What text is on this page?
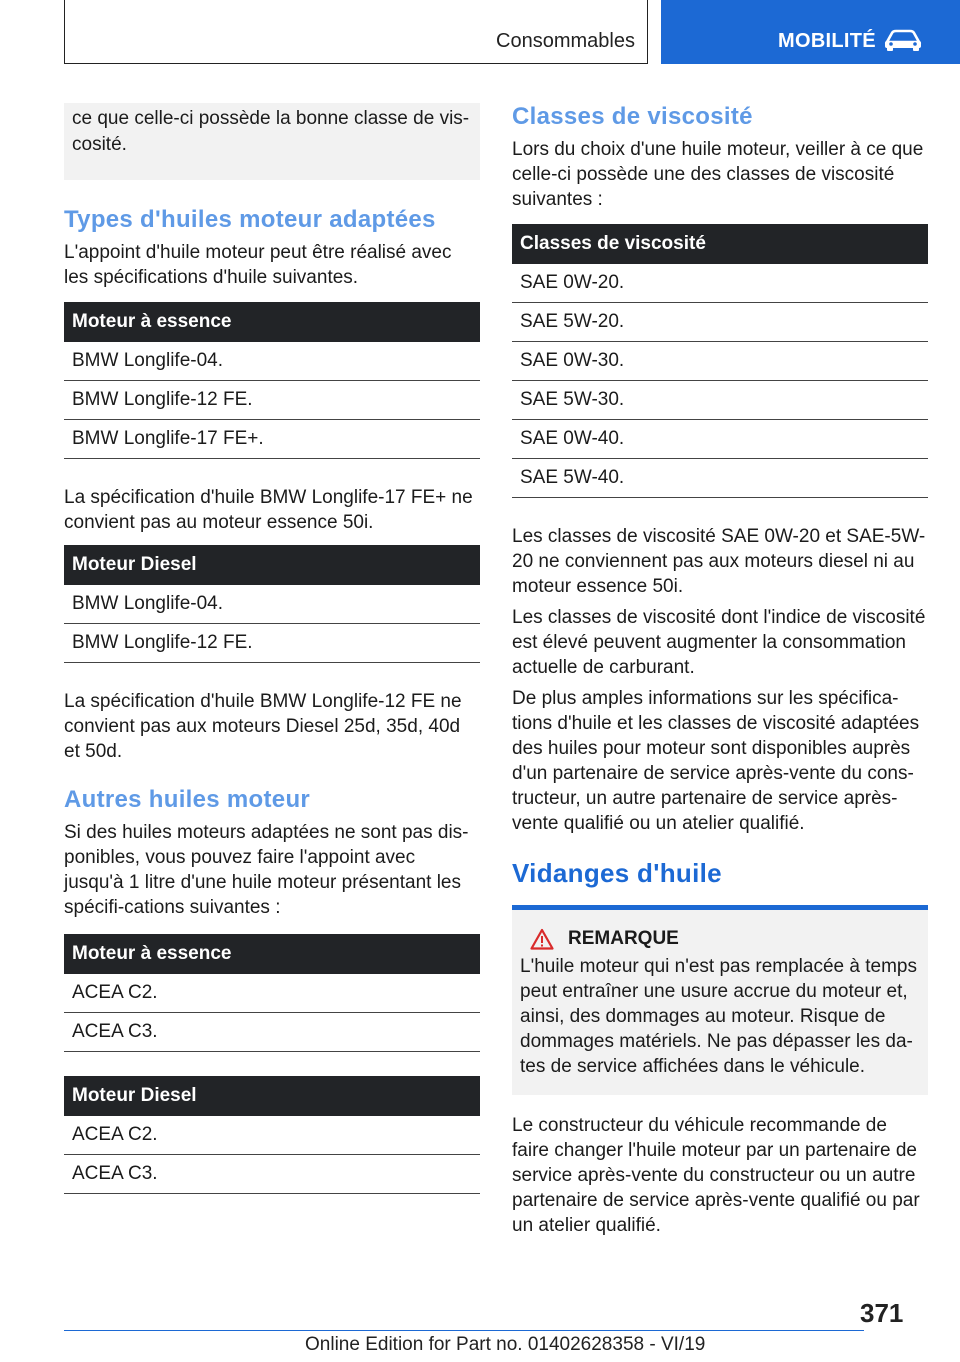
Consommables	MOBILITÉ
ce que celle-ci possède la bonne classe de vis-cosité.
Types d'huiles moteur adaptées

L'appoint d'huile moteur peut être réalisé avec les spécifications d'huile suivantes.

Moteur à essence
BMW Longlife-04.
BMW Longlife-12 FE.
BMW Longlife-17 FE+.

La spécification d'huile BMW Longlife-17 FE+ ne convient pas au moteur essence 50i.

Moteur Diesel
BMW Longlife-04.
BMW Longlife-12 FE.

La spécification d'huile BMW Longlife-12 FE ne convient pas aux moteurs Diesel 25d, 35d, 40d et 50d.

Autres huiles moteur

Si des huiles moteurs adaptées ne sont pas dis-ponibles, vous pouvez faire l'appoint avec jusqu'à 1 litre d'une huile moteur présentant les spécifi-cations suivantes :

Moteur à essence
ACEA C2.
ACEA C3.
Moteur Diesel
ACEA C2.
ACEA C3.
Classes de viscosité

Lors du choix d'une huile moteur, veiller à ce que celle-ci possède une des classes de viscosité suivantes :

Classes de viscosité
SAE 0W-20.
SAE 5W-20.
SAE 0W-30.
SAE 5W-30.
SAE 0W-40.
SAE 5W-40.

Les classes de viscosité SAE 0W-20 et SAE-5W-20 ne conviennent pas aux moteurs diesel ni au moteur essence 50i.

Les classes de viscosité dont l'indice de viscosité est élevé peuvent augmenter la consommation actuelle de carburant.

De plus amples informations sur les spécifica-tions d'huile et les classes de viscosité adaptées des huiles pour moteur sont disponibles auprès d'un partenaire de service après-vente du cons-tructeur, un autre partenaire de service après-vente qualifié ou un atelier qualifié.

Vidanges d'huile
REMARQUE
L'huile moteur qui n'est pas remplacée à temps peut entraîner une usure accrue du moteur et, ainsi, des dommages au moteur. Risque de dommages matériels. Ne pas dépasser les da-tes de service affichées dans le véhicule.

Le constructeur du véhicule recommande de faire changer l'huile moteur par un partenaire de service après-vente du constructeur ou un autre partenaire de service après-vente qualifié ou par un atelier qualifié.

371
Online Edition for Part no. 01402628358 - VI/19
